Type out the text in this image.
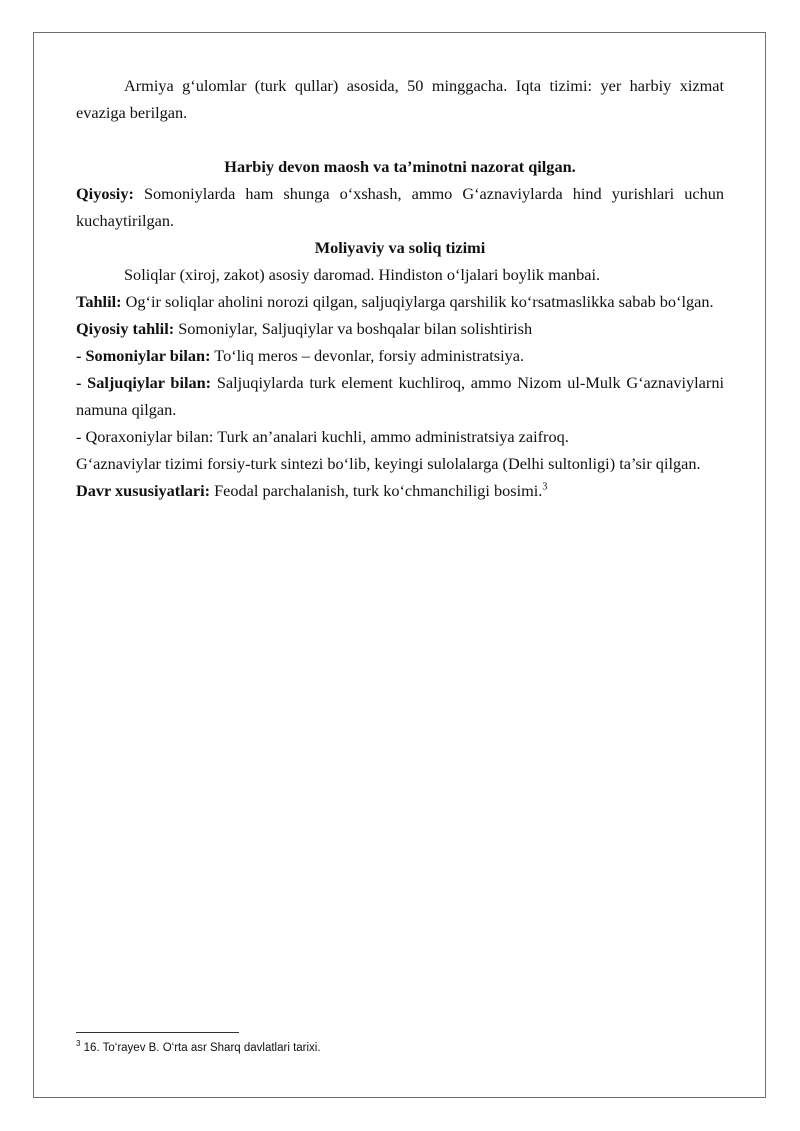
Armiya g‘ulomlar (turk qullar) asosida, 50 minggacha. Iqta tizimi: yer harbiy xizmat evaziga berilgan.

Harbiy devon maosh va ta’minotni nazorat qilgan.

Qiyosiy: Somoniylarda ham shunga o‘xshash, ammo G‘aznaviylarda hind yurishlari uchun kuchaytirilgan.

Moliyaviy va soliq tizimi

Soliqlar (xiroj, zakot) asosiy daromad. Hindiston o‘ljalari boylik manbai.

Tahlil: Og‘ir soliqlar aholini norozi qilgan, saljuqiylarga qarshilik ko‘rsatmaslikka sabab bo‘lgan.

Qiyosiy tahlil: Somoniylar, Saljuqiylar va boshqalar bilan solishtirish

- Somoniylar bilan: To‘liq meros – devonlar, forsiy administratsiya.

- Saljuqiylar bilan: Saljuqiylarda turk element kuchliroq, ammo Nizom ul-Mulk G‘aznaviylarni namuna qilgan.

- Qoraxoniylar bilan: Turk an’analari kuchli, ammo administratsiya zaifroq.

G‘aznaviylar tizimi forsiy-turk sintezi bo‘lib, keyingi sulolalarga (Delhi sultonligi) ta’sir qilgan.

Davr xususiyatlari: Feodal parchalanish, turk ko‘chmanchiligi bosimi.$^3$

$^3$ 16. To‘rayev B. O‘rta asr Sharq davlatlari tarixi.
